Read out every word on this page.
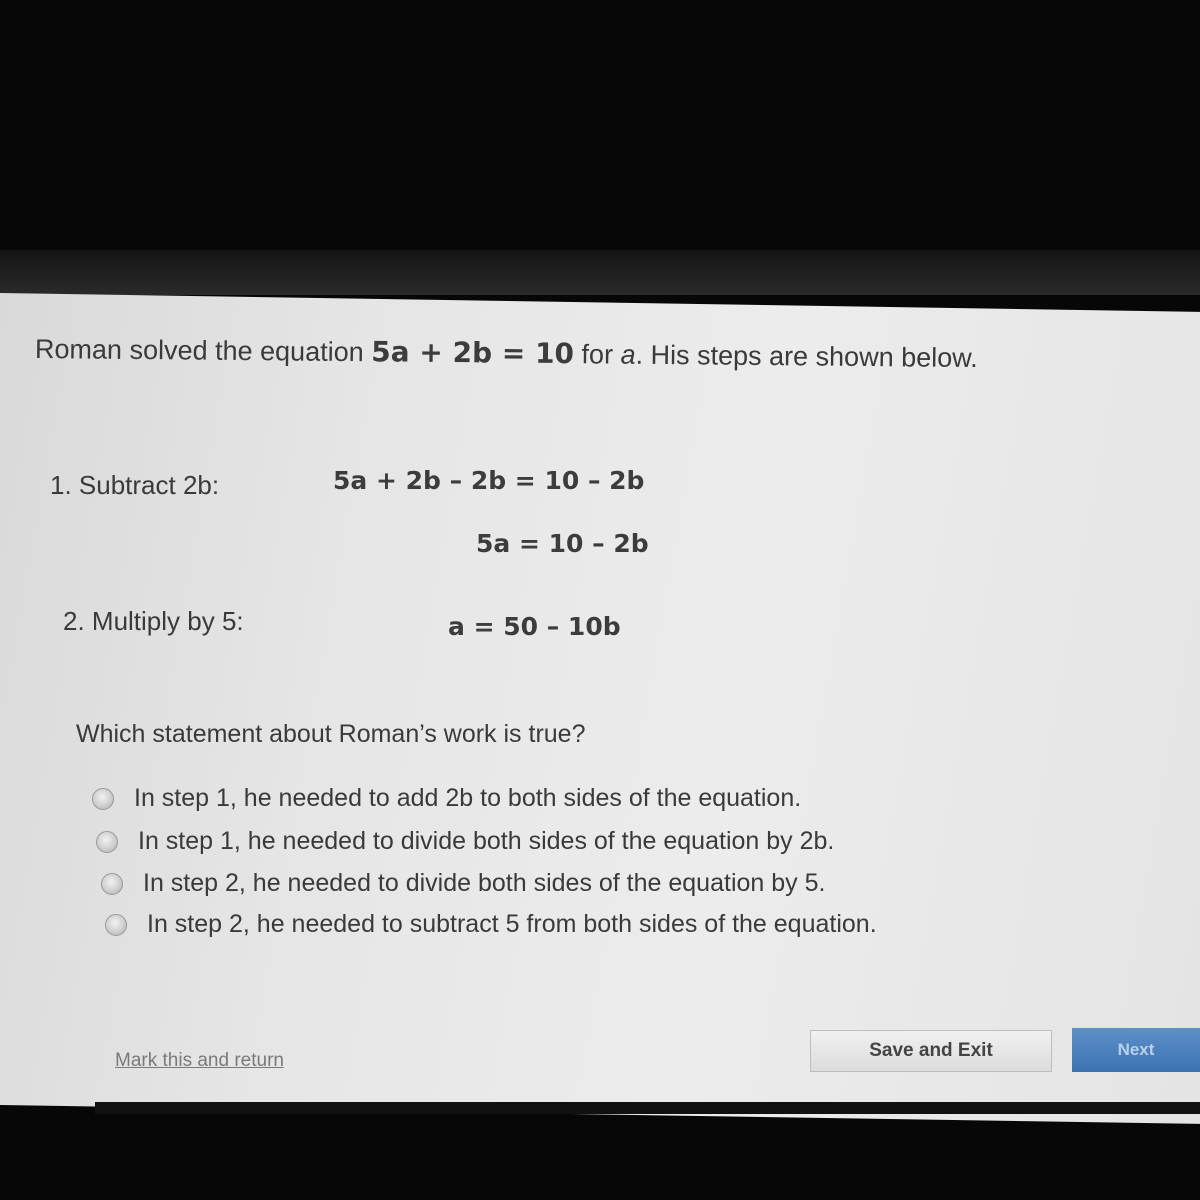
Roman solved the equation 5a + 2b = 10 for a. His steps are shown below.
1. Subtract 2b:	5a + 2b – 2b = 10 – 2b
5a = 10 – 2b
2. Multiply by 5:	a = 50 – 10b
Which statement about Roman’s work is true?
In step 1, he needed to add 2b to both sides of the equation.
In step 1, he needed to divide both sides of the equation by 2b.
In step 2, he needed to divide both sides of the equation by 5.
In step 2, he needed to subtract 5 from both sides of the equation.
Mark this and return	Save and Exit	Next
